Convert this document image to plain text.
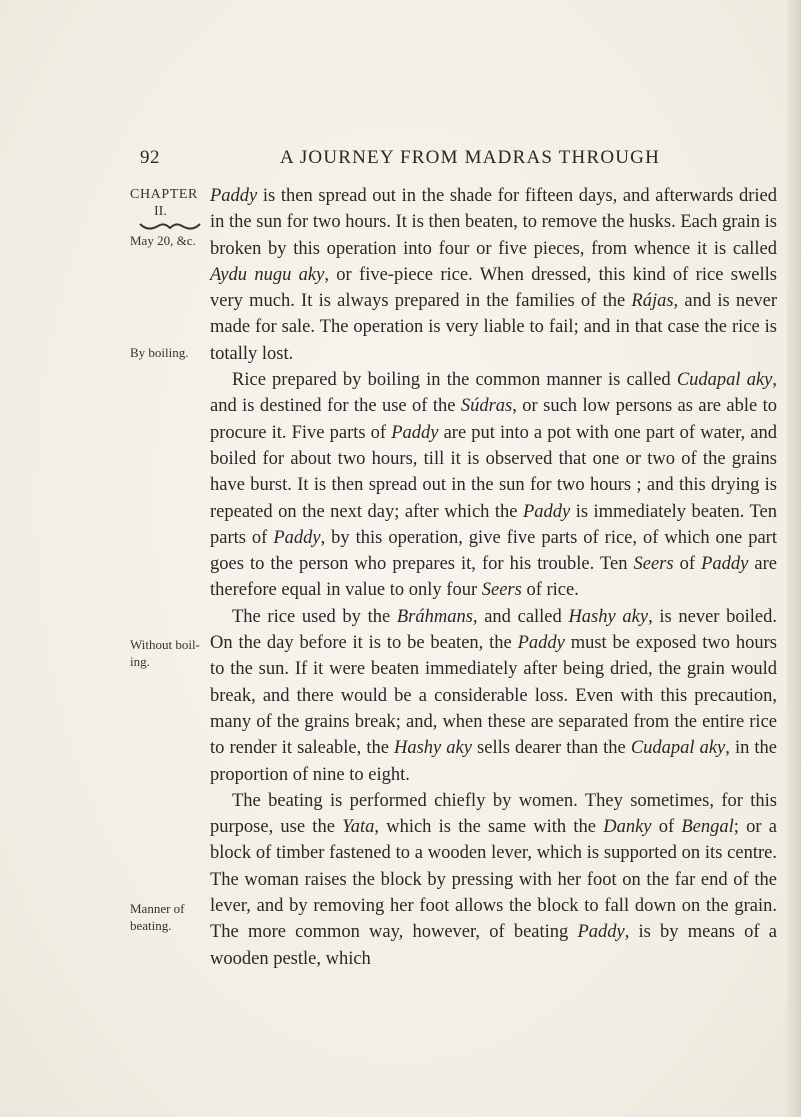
92	A JOURNEY FROM MADRAS THROUGH
CHAPTER
II.
May 20, &c.
By boiling.
Without boil-ing.
Manner of beating.

Paddy is then spread out in the shade for fifteen days, and afterwards dried in the sun for two hours. It is then beaten, to remove the husks. Each grain is broken by this operation into four or five pieces, from whence it is called Aydu nugu aky, or five-piece rice. When dressed, this kind of rice swells very much. It is always prepared in the families of the Rájas, and is never made for sale. The operation is very liable to fail; and in that case the rice is totally lost.

Rice prepared by boiling in the common manner is called Cudapal aky, and is destined for the use of the Súdras, or such low persons as are able to procure it. Five parts of Paddy are put into a pot with one part of water, and boiled for about two hours, till it is observed that one or two of the grains have burst. It is then spread out in the sun for two hours ; and this drying is repeated on the next day; after which the Paddy is immediately beaten. Ten parts of Paddy, by this operation, give five parts of rice, of which one part goes to the person who prepares it, for his trouble. Ten Seers of Paddy are therefore equal in value to only four Seers of rice.

The rice used by the Bráhmans, and called Hashy aky, is never boiled. On the day before it is to be beaten, the Paddy must be exposed two hours to the sun. If it were beaten immediately after being dried, the grain would break, and there would be a considerable loss. Even with this precaution, many of the grains break; and, when these are separated from the entire rice to render it saleable, the Hashy aky sells dearer than the Cudapal aky, in the proportion of nine to eight.

The beating is performed chiefly by women. They sometimes, for this purpose, use the Yata, which is the same with the Danky of Bengal; or a block of timber fastened to a wooden lever, which is supported on its centre. The woman raises the block by pressing with her foot on the far end of the lever, and by removing her foot allows the block to fall down on the grain. The more common way, however, of beating Paddy, is by means of a wooden pestle, which
